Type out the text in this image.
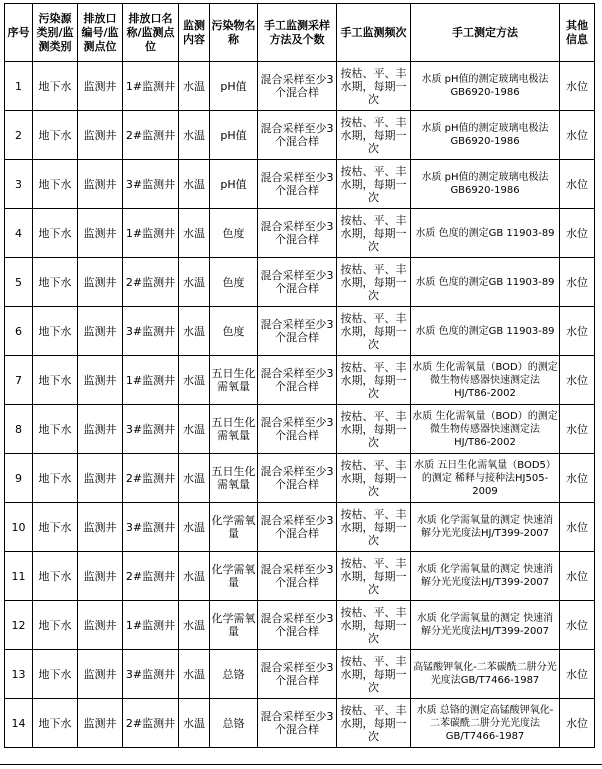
序号	污染源类别/监测类别	排放口编号/监测点位	排放口名称/监测点位	监测内容	污染物名称	手工监测采样方法及个数	手工监测频次	手工测定方法	其他信息
1	地下水	监测井	1#监测井	水温	pH值	混合采样至少3个混合样	按枯、平、丰水期，每期一次	水质 pH值的测定玻璃电极法GB6920-1986	水位
2	地下水	监测井	2#监测井	水温	pH值	混合采样至少3个混合样	按枯、平、丰水期，每期一次	水质 pH值的测定玻璃电极法GB6920-1986	水位
3	地下水	监测井	3#监测井	水温	pH值	混合采样至少3个混合样	按枯、平、丰水期，每期一次	水质 pH值的测定玻璃电极法GB6920-1986	水位
4	地下水	监测井	1#监测井	水温	色度	混合采样至少3个混合样	按枯、平、丰水期，每期一次	水质 色度的测定GB 11903-89	水位
5	地下水	监测井	2#监测井	水温	色度	混合采样至少3个混合样	按枯、平、丰水期，每期一次	水质 色度的测定GB 11903-89	水位
6	地下水	监测井	3#监测井	水温	色度	混合采样至少3个混合样	按枯、平、丰水期，每期一次	水质 色度的测定GB 11903-89	水位
7	地下水	监测井	1#监测井	水温	五日生化需氧量	混合采样至少3个混合样	按枯、平、丰水期，每期一次	水质 生化需氧量（BOD）的测定 微生物传感器快速测定法HJ/T86-2002	水位
8	地下水	监测井	3#监测井	水温	五日生化需氧量	混合采样至少3个混合样	按枯、平、丰水期，每期一次	水质 生化需氧量（BOD）的测定 微生物传感器快速测定法HJ/T86-2002	水位
9	地下水	监测井	2#监测井	水温	五日生化需氧量	混合采样至少3个混合样	按枯、平、丰水期，每期一次	水质 五日生化需氧量（BOD5）的测定 稀释与接种法HJ505-2009	水位
10	地下水	监测井	3#监测井	水温	化学需氧量	混合采样至少3个混合样	按枯、平、丰水期，每期一次	水质 化学需氧量的测定 快速消解分光光度法HJ/T399-2007	水位
11	地下水	监测井	2#监测井	水温	化学需氧量	混合采样至少3个混合样	按枯、平、丰水期，每期一次	水质 化学需氧量的测定 快速消解分光光度法HJ/T399-2007	水位
12	地下水	监测井	1#监测井	水温	化学需氧量	混合采样至少3个混合样	按枯、平、丰水期，每期一次	水质 化学需氧量的测定 快速消解分光光度法HJ/T399-2007	水位
13	地下水	监测井	3#监测井	水温	总铬	混合采样至少3个混合样	按枯、平、丰水期，每期一次	高锰酸钾氧化-二苯碳酰二肼分光光度法GB/T7466-1987	水位
14	地下水	监测井	2#监测井	水温	总铬	混合采样至少3个混合样	按枯、平、丰水期，每期一次	水质 总铬的测定高锰酸钾氧化-二苯碳酰二肼分光光度法 GB/T7466-1987	水位
